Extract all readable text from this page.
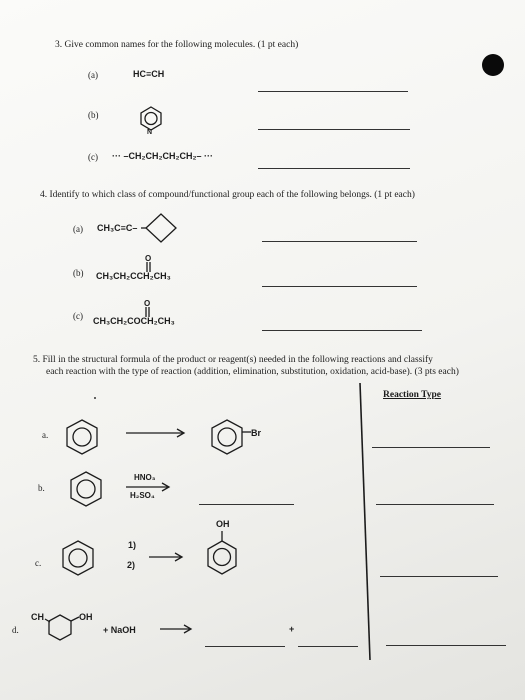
3. Give common names for the following molecules. (1 pt each)
(a)	HC≡CH
(b)
N
(c) ··· –CH₂CH₂CH₂CH₂– ···
4. Identify to which class of compound/functional group each of the following belongs. (1 pt each)
(a) CH₃C≡C–
(b)
O
CH₃CH₂CCH₂CH₃
(c)
O
CH₃CH₂COCH₂CH₃
5. Fill in the structural formula of the product or reagent(s) needed in the following reactions and classify
each reaction with the type of reaction (addition, elimination, substitution, oxidation, acid-base). (3 pts each)
Reaction Type
a.	Br
b.
HNO₃
H₂SO₄
c.
1)
2)
OH
d.
CH	OH
+ NaOH	+
